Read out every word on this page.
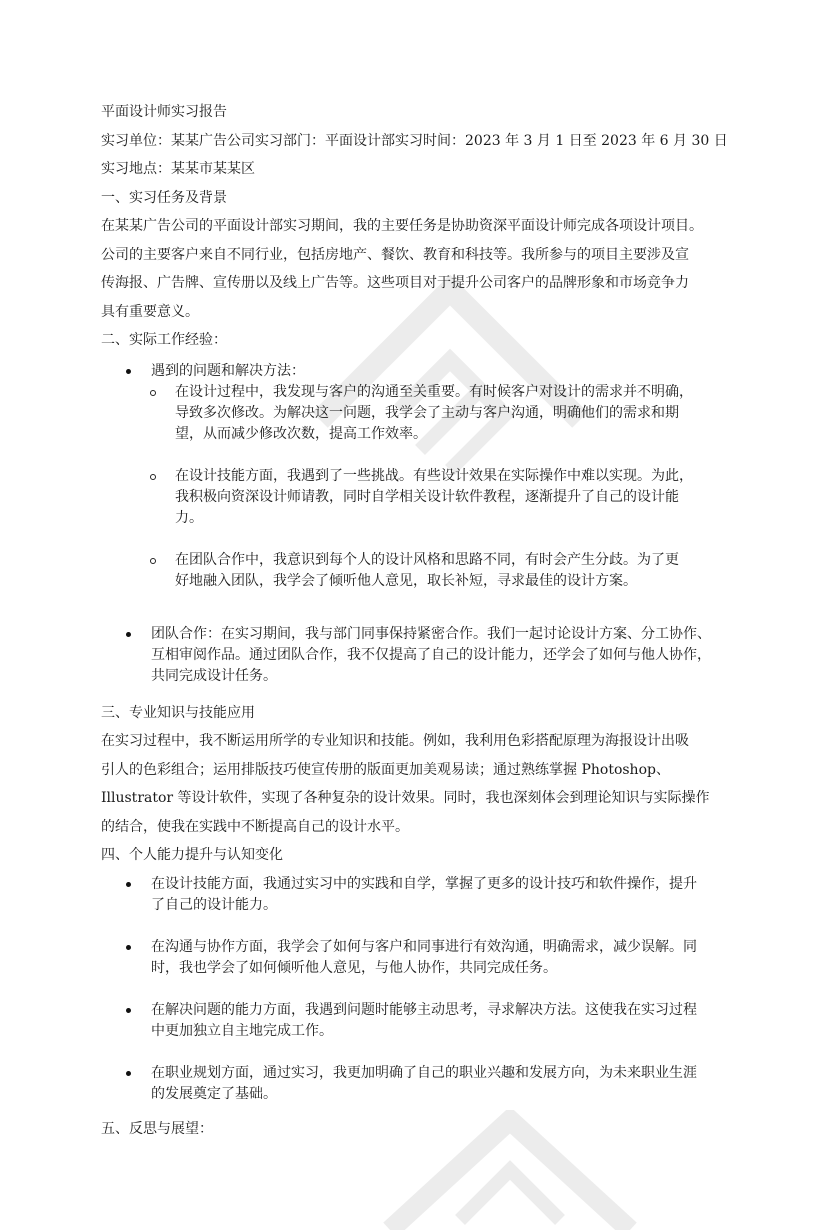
平面设计师实习报告
实习单位：某某广告公司实习部门：平面设计部实习时间：2023 年 3 月 1 日至 2023 年 6 月 30 日
实习地点：某某市某某区
一、实习任务及背景
在某某广告公司的平面设计部实习期间，我的主要任务是协助资深平面设计师完成各项设计项目。
公司的主要客户来自不同行业，包括房地产、餐饮、教育和科技等。我所参与的项目主要涉及宣
传海报、广告牌、宣传册以及线上广告等。这些项目对于提升公司客户的品牌形象和市场竞争力
具有重要意义。
二、实际工作经验：
遇到的问题和解决方法：
在设计过程中，我发现与客户的沟通至关重要。有时候客户对设计的需求并不明确，
导致多次修改。为解决这一问题，我学会了主动与客户沟通，明确他们的需求和期
望，从而减少修改次数，提高工作效率。
在设计技能方面，我遇到了一些挑战。有些设计效果在实际操作中难以实现。为此，
我积极向资深设计师请教，同时自学相关设计软件教程，逐渐提升了自己的设计能
力。
在团队合作中，我意识到每个人的设计风格和思路不同，有时会产生分歧。为了更
好地融入团队，我学会了倾听他人意见，取长补短，寻求最佳的设计方案。
团队合作：在实习期间，我与部门同事保持紧密合作。我们一起讨论设计方案、分工协作、
互相审阅作品。通过团队合作，我不仅提高了自己的设计能力，还学会了如何与他人协作，
共同完成设计任务。
三、专业知识与技能应用
在实习过程中，我不断运用所学的专业知识和技能。例如，我利用色彩搭配原理为海报设计出吸
引人的色彩组合；运用排版技巧使宣传册的版面更加美观易读；通过熟练掌握 Photoshop、
Illustrator 等设计软件，实现了各种复杂的设计效果。同时，我也深刻体会到理论知识与实际操作
的结合，使我在实践中不断提高自己的设计水平。
四、个人能力提升与认知变化
在设计技能方面，我通过实习中的实践和自学，掌握了更多的设计技巧和软件操作，提升
了自己的设计能力。
在沟通与协作方面，我学会了如何与客户和同事进行有效沟通，明确需求，减少误解。同
时，我也学会了如何倾听他人意见，与他人协作，共同完成任务。
在解决问题的能力方面，我遇到问题时能够主动思考，寻求解决方法。这使我在实习过程
中更加独立自主地完成工作。
在职业规划方面，通过实习，我更加明确了自己的职业兴趣和发展方向，为未来职业生涯
的发展奠定了基础。
五、反思与展望：
